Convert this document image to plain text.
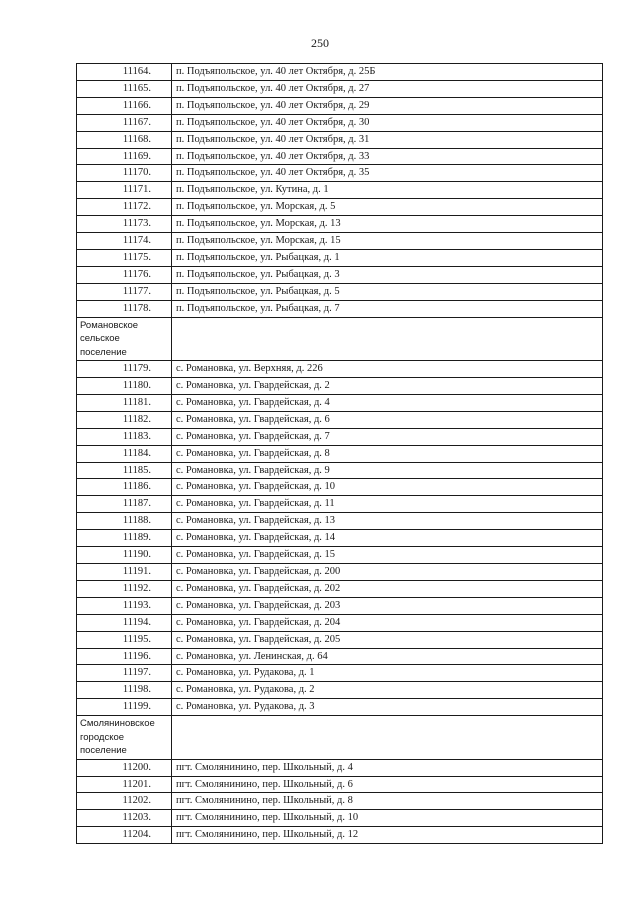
250
11164.	п. Подъяпольское, ул. 40 лет Октября, д. 25Б
11165.	п. Подъяпольское, ул. 40 лет Октября, д. 27
11166.	п. Подъяпольское, ул. 40 лет Октября, д. 29
11167.	п. Подъяпольское, ул. 40 лет Октября, д. 30
11168.	п. Подъяпольское, ул. 40 лет Октября, д. 31
11169.	п. Подъяпольское, ул. 40 лет Октября, д. 33
11170.	п. Подъяпольское, ул. 40 лет Октября, д. 35
11171.	п. Подъяпольское, ул. Кутина, д. 1
11172.	п. Подъяпольское, ул. Морская, д. 5
11173.	п. Подъяпольское, ул. Морская, д. 13
11174.	п. Подъяпольское, ул. Морская, д. 15
11175.	п. Подъяпольское, ул. Рыбацкая, д. 1
11176.	п. Подъяпольское, ул. Рыбацкая, д. 3
11177.	п. Подъяпольское, ул. Рыбацкая, д. 5
11178.	п. Подъяпольское, ул. Рыбацкая, д. 7

Романовское
сельское
поселение	

11179.	с. Романовка, ул. Верхняя, д. 226
11180.	с. Романовка, ул. Гвардейская, д. 2
11181.	с. Романовка, ул. Гвардейская, д. 4
11182.	с. Романовка, ул. Гвардейская, д. 6
11183.	с. Романовка, ул. Гвардейская, д. 7
11184.	с. Романовка, ул. Гвардейская, д. 8
11185.	с. Романовка, ул. Гвардейская, д. 9
11186.	с. Романовка, ул. Гвардейская, д. 10
11187.	с. Романовка, ул. Гвардейская, д. 11
11188.	с. Романовка, ул. Гвардейская, д. 13
11189.	с. Романовка, ул. Гвардейская, д. 14
11190.	с. Романовка, ул. Гвардейская, д. 15
11191.	с. Романовка, ул. Гвардейская, д. 200
11192.	с. Романовка, ул. Гвардейская, д. 202
11193.	с. Романовка, ул. Гвардейская, д. 203
11194.	с. Романовка, ул. Гвардейская, д. 204
11195.	с. Романовка, ул. Гвардейская, д. 205
11196.	с. Романовка, ул. Ленинская, д. 64
11197.	с. Романовка, ул. Рудакова, д. 1
11198.	с. Романовка, ул. Рудакова, д. 2
11199.	с. Романовка, ул. Рудакова, д. 3

Смоляниновское
городское
поселение	

11200.	пгт. Смолянинино, пер. Школьный, д. 4
11201.	пгт. Смолянинино, пер. Школьный, д. 6
11202.	пгт. Смолянинино, пер. Школьный, д. 8
11203.	пгт. Смолянинино, пер. Школьный, д. 10
11204.	пгт. Смолянинино, пер. Школьный, д. 12
